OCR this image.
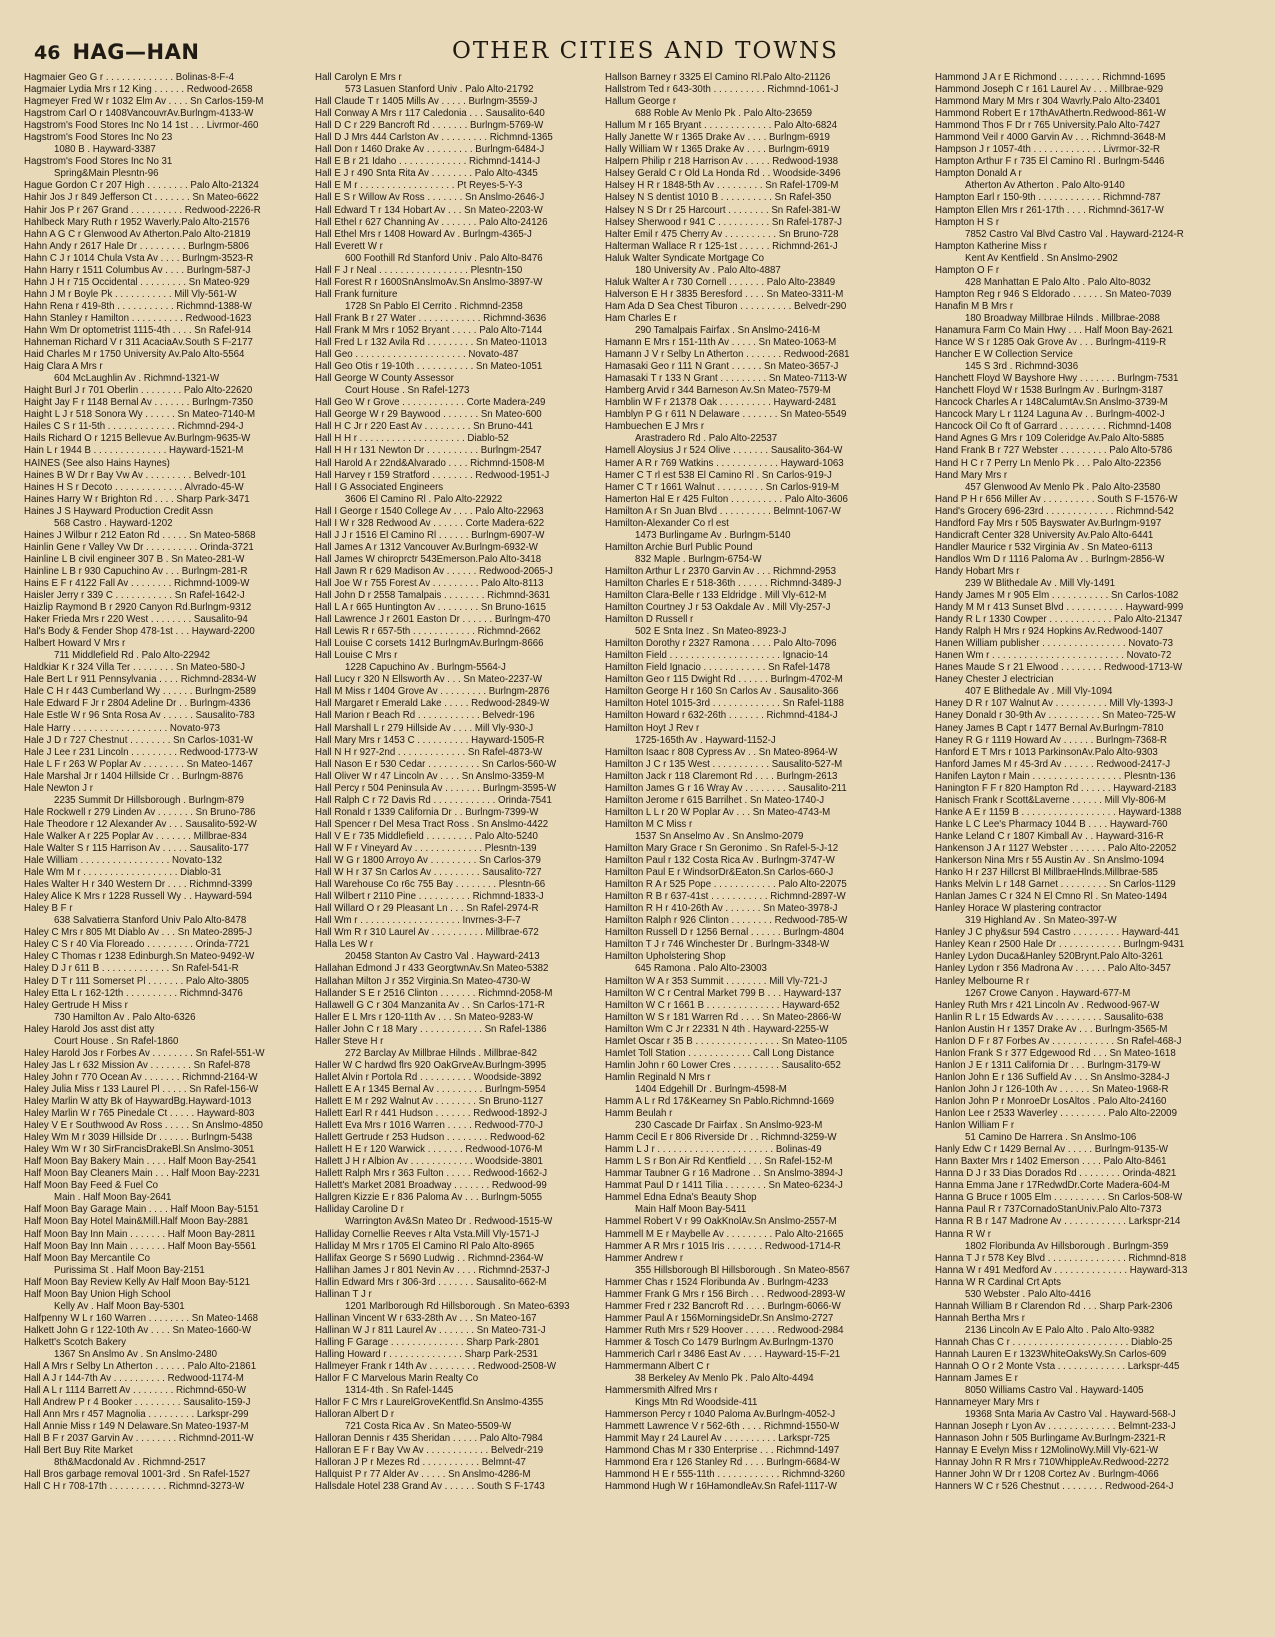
46 HAG—HAN	OTHER CITIES AND TOWNS
Hagmaier Geo G r . . . . . . . . . . . . . Bolinas-8-F-4
Hagmaier Lydia Mrs r 12 King . . . . . . Redwood-2658
Hagmeyer Fred W r 1032 Elm Av . . . . Sn Carlos-159-M
Hagstrom Carl O r 1408VancouvrAv.Burlngm-4133-W
Hagstrom's Food Stores Inc No 14 1st . . . Livrmor-460
Hagstrom's Food Stores Inc No 23
1080 B . Hayward-3387
Hagstrom's Food Stores Inc No 31
Spring&Main Plesntn-96
Hague Gordon C r 207 High . . . . . . . . Palo Alto-21324
Hahir Jos J r 849 Jefferson Ct . . . . . . . Sn Mateo-6622
Hahir Jos P r 267 Grand . . . . . . . . . . Redwood-2226-R
Hahlbeck Mary Ruth r 1952 Waverly.Palo Alto-21576
Hahn A G C r Glenwood Av Atherton.Palo Alto-21819
Hahn Andy r 2617 Hale Dr . . . . . . . . . Burlngm-5806
Hahn C J r 1014 Chula Vsta Av . . . . Burlngm-3523-R
Hahn Harry r 1511 Columbus Av . . . . Burlngm-587-J
Hahn J H r 715 Occidental . . . . . . . . . Sn Mateo-929
Hahn J M r Boyle Pk . . . . . . . . . . . Mill Vly-561-W
Hahn Rena r 419-8th . . . . . . . . . . . Richmnd-1388-W
Hahn Stanley r Hamilton . . . . . . . . . . Redwood-1623
Hahn Wm Dr optometrist 1115-4th . . . . Sn Rafel-914
Hahneman Richard V r 311 AcaciaAv.South S F-2177
Haid Charles M r 1750 University Av.Palo Alto-5564
Haig Clara A Mrs r
604 McLaughlin Av . Richmnd-1321-W
Haight Burl J r 701 Oberlin . . . . . . . . Palo Alto-22620
Haight Jay F r 1148 Bernal Av . . . . . . . Burlngm-7350
Haight L J r 518 Sonora Wy . . . . . . Sn Mateo-7140-M
Hailes C S r 11-5th . . . . . . . . . . . . . Richmnd-294-J
Hails Richard O r 1215 Bellevue Av.Burlngm-9635-W
Hain L r 1944 B . . . . . . . . . . . . . . Hayward-1521-M
HAINES (See also Hains Haynes)
Haines B W Dr r Bay Vw Av . . . . . . . . . Belvedr-101
Haines H S r Decoto . . . . . . . . . . . . . Alvrado-45-W
Haines Harry W r Brighton Rd . . . . Sharp Park-3471
Haines J S Hayward Production Credit Assn
568 Castro . Hayward-1202
Haines J Wilbur r 212 Eaton Rd . . . . . Sn Mateo-5868
Hainlin Gene r Valley Vw Dr . . . . . . . . . . Orinda-3721
Hainline L B civil engineer 307 B . Sn Mateo-281-W
Hainline L B r 930 Capuchino Av . . . Burlngm-281-R
Hains E F r 4122 Fall Av . . . . . . . . Richmnd-1009-W
Haisler Jerry r 339 C . . . . . . . . . . . Sn Rafel-1642-J
Haizlip Raymond B r 2920 Canyon Rd.Burlngm-9312
Haker Frieda Mrs r 220 West . . . . . . . . Sausalito-94
Hal's Body & Fender Shop 478-1st . . . Hayward-2200
Halbert Howard V Mrs r
711 Middlefield Rd . Palo Alto-22942
Haldkiar K r 324 Villa Ter . . . . . . . . Sn Mateo-580-J
Hale Bert L r 911 Pennsylvania . . . . Richmnd-2834-W
Hale C H r 443 Cumberland Wy . . . . . . Burlngm-2589
Hale Edward F Jr r 2804 Adeline Dr . . Burlngm-4336
Hale Estle W r 96 Snta Rosa Av . . . . . . Sausalito-783
Hale Harry . . . . . . . . . . . . . . . . . . Novato-973
Hale J D r 727 Chestnut . . . . . . . . Sn Carlos-1031-W
Hale J Lee r 231 Lincoln . . . . . . . . . Redwood-1773-W
Hale L F r 263 W Poplar Av . . . . . . . . Sn Mateo-1467
Hale Marshal Jr r 1404 Hillside Cr . . Burlngm-8876
Hale Newton J r
2235 Summit Dr Hillsborough . Burlngm-879
Hale Rockwell r 279 Linden Av . . . . . . . Sn Bruno-786
Hale Theodore r 12 Alexander Av . . . Sausalito-592-W
Hale Walker A r 225 Poplar Av . . . . . . . Millbrae-834
Hale Walter S r 115 Harrison Av . . . . . Sausalito-177
Hale William . . . . . . . . . . . . . . . . . Novato-132
Hale Wm M r . . . . . . . . . . . . . . . . . . Diablo-31
Hales Walter H r 340 Western Dr . . . . Richmnd-3399
Haley Alice K Mrs r 1228 Russell Wy . . Hayward-594
Haley B F r
638 Salvatierra Stanford Univ Palo Alto-8478
Haley C Mrs r 805 Mt Diablo Av . . . Sn Mateo-2895-J
Haley C S r 40 Via Floreado . . . . . . . . . Orinda-7721
Haley C Thomas r 1238 Edinburgh.Sn Mateo-9492-W
Haley D J r 611 B . . . . . . . . . . . . . Sn Rafel-541-R
Haley D T r 111 Somerset Pl . . . . . . . Palo Alto-3805
Haley Etta L r 162-12th . . . . . . . . . . Richmnd-3476
Haley Gertrude H Miss r
730 Hamilton Av . Palo Alto-6326
Haley Harold Jos asst dist atty
Court House . Sn Rafel-1860
Haley Harold Jos r Forbes Av . . . . . . . . Sn Rafel-551-W
Haley Jas L r 632 Mission Av . . . . . . . . Sn Rafel-878
Haley John r 770 Ocean Av . . . . . . . Richmnd-2164-W
Haley Julia Miss r 133 Laurel Pl . . . . . Sn Rafel-156-W
Haley Marlin W atty Bk of HaywardBg.Hayward-1013
Haley Marlin W r 765 Pinedale Ct . . . . . Hayward-803
Haley V E r Southwood Av Ross . . . . . Sn Anslmo-4850
Haley Wm M r 3039 Hillside Dr . . . . . . Burlngm-5438
Haley Wm W r 30 SirFrancisDrakeBl.Sn Anslmo-3051
Half Moon Bay Bakery Main . . . . Half Moon Bay-2541
Half Moon Bay Cleaners Main . . . Half Moon Bay-2231
Half Moon Bay Feed & Fuel Co
Main . Half Moon Bay-2641
Half Moon Bay Garage Main . . . . Half Moon Bay-5151
Half Moon Bay Hotel Main&Mill.Half Moon Bay-2881
Half Moon Bay Inn Main . . . . . . . Half Moon Bay-2811
Half Moon Bay Inn Main . . . . . . . Half Moon Bay-5561
Half Moon Bay Mercantile Co
Purissima St . Half Moon Bay-2151
Half Moon Bay Review Kelly Av Half Moon Bay-5121
Half Moon Bay Union High School
Kelly Av . Half Moon Bay-5301
Halfpenny W L r 160 Warren . . . . . . . . Sn Mateo-1468
Halkett John G r 122-10th Av . . . . Sn Mateo-1660-W
Halkett's Scotch Bakery
1367 Sn Anslmo Av . Sn Anslmo-2480
Hall A Mrs r Selby Ln Atherton . . . . . . Palo Alto-21861
Hall A J r 144-7th Av . . . . . . . . . . Redwood-1174-M
Hall A L r 1114 Barrett Av . . . . . . . . Richmnd-650-W
Hall Andrew P r 4 Booker . . . . . . . . . Sausalito-159-J
Hall Ann Mrs r 457 Magnolia . . . . . . . . . Larkspr-299
Hall Annie Miss r 149 N Delaware.Sn Mateo-1937-M
Hall B F r 2037 Garvin Av . . . . . . . . Richmnd-2011-W
Hall Bert Buy Rite Market
8th&Macdonald Av . Richmnd-2517
Hall Bros garbage removal 1001-3rd . Sn Rafel-1527
Hall C H r 708-17th . . . . . . . . . . . Richmnd-3273-W
Hall Carolyn E Mrs r
573 Lasuen Stanford Univ . Palo Alto-21792
Hall Claude T r 1405 Mills Av . . . . . Burlngm-3559-J
Hall Conway A Mrs r 117 Caledonia . . . Sausalito-640
Hall D C r 229 Bancroft Rd . . . . . . . Burlngm-5769-W
Hall D J Mrs 444 Carlston Av . . . . . . . . . Richmnd-1365
Hall Don r 1460 Drake Av . . . . . . . . . Burlngm-6484-J
Hall E B r 21 Idaho . . . . . . . . . . . . . Richmnd-1414-J
Hall E J r 490 Snta Rita Av . . . . . . . . Palo Alto-4345
Hall E M r . . . . . . . . . . . . . . . . . . Pt Reyes-5-Y-3
Hall E S r Willow Av Ross . . . . . . . Sn Anslmo-2646-J
Hall Edward T r 134 Hobart Av . . . Sn Mateo-2203-W
Hall Ethel r 627 Channing Av . . . . . . . Palo Alto-24126
Hall Ethel Mrs r 1408 Howard Av . Burlngm-4365-J
Hall Everett W r
600 Foothill Rd Stanford Univ . Palo Alto-8476
Hall F J r Neal . . . . . . . . . . . . . . . . . Plesntn-150
Hall Forest R r 1600SnAnslmoAv.Sn Anslmo-3897-W
Hall Frank furniture
1728 Sn Pablo El Cerrito . Richmnd-2358
Hall Frank B r 27 Water . . . . . . . . . . . . Richmnd-3636
Hall Frank M Mrs r 1052 Bryant . . . . . Palo Alto-7144
Hall Fred L r 132 Avila Rd . . . . . . . . . Sn Mateo-11013
Hall Geo . . . . . . . . . . . . . . . . . . . . . Novato-487
Hall Geo Otis r 19-10th . . . . . . . . . . . Sn Mateo-1051
Hall George W County Assessor
Court House . Sn Rafel-1273
Hall Geo W r Grove . . . . . . . . . . . . Corte Madera-249
Hall George W r 29 Baywood . . . . . . . Sn Mateo-600
Hall H C Jr r 220 East Av . . . . . . . . . Sn Bruno-441
Hall H H r . . . . . . . . . . . . . . . . . . . . Diablo-52
Hall H H r 131 Newton Dr . . . . . . . . . . Burlngm-2547
Hall Harold A r 22nd&Alvarado . . . . Richmnd-1508-M
Hall Harvey r 159 Stratford . . . . . . . . Redwood-1951-J
Hall I G Associated Engineers
3606 El Camino Rl . Palo Alto-22922
Hall I George r 1540 College Av . . . . Palo Alto-22963
Hall I W r 328 Redwood Av . . . . . . Corte Madera-622
Hall J J r 1516 El Camino Rl . . . . . . Burlngm-6907-W
Hall James A r 1312 Vancouver Av.Burlngm-6932-W
Hall James W chiroprctr 543Emerson.Palo Alto-3418
Hall Jawn R r 629 Madison Av . . . . . . Redwood-2065-J
Hall Joe W r 755 Forest Av . . . . . . . . . Palo Alto-8113
Hall John D r 2558 Tamalpais . . . . . . . . Richmnd-3631
Hall L A r 665 Huntington Av . . . . . . . . Sn Bruno-1615
Hall Lawrence J r 2601 Easton Dr . . . . . . Burlngm-470
Hall Lewis R r 657-5th . . . . . . . . . . . . Richmnd-2662
Hall Louise C corsets 1412 BurlngmAv.Burlngm-8666
Hall Louise C Mrs r
1228 Capuchino Av . Burlngm-5564-J
Hall Lucy r 320 N Ellsworth Av . . . Sn Mateo-2237-W
Hall M Miss r 1404 Grove Av . . . . . . . . . Burlngm-2876
Hall Margaret r Emerald Lake . . . . . Redwood-2849-W
Hall Marion r Beach Rd . . . . . . . . . . . . Belvedr-196
Hall Marshall L r 279 Hillside Av . . . . Mill Vly-930-J
Hall Mary Mrs r 1453 C . . . . . . . . . . Hayward-1505-R
Hall N H r 927-2nd . . . . . . . . . . . . . Sn Rafel-4873-W
Hall Nason E r 530 Cedar . . . . . . . . . . Sn Carlos-560-W
Hall Oliver W r 47 Lincoln Av . . . . Sn Anslmo-3359-M
Hall Percy r 504 Peninsula Av . . . . . . . Burlngm-3595-W
Hall Ralph C r 72 Davis Rd . . . . . . . . . . . . Orinda-7541
Hall Ronald r 1339 California Dr . . Burlngm-7399-W
Hall Spencer r Del Mesa Tract Ross . Sn Anslmo-4422
Hall V E r 735 Middlefield . . . . . . . . . Palo Alto-5240
Hall W F r Vineyard Av . . . . . . . . . . . . . Plesntn-139
Hall W G r 1800 Arroyo Av . . . . . . . . . Sn Carlos-379
Hall W H r 37 Sn Carlos Av . . . . . . . . . Sausalito-727
Hall Warehouse Co r6c 755 Bay . . . . . . . . Plesntn-66
Hall Wilbert r 2110 Pine . . . . . . . . . . Richmnd-1833-J
Hall Willard O r 29 Pleasant Ln . . . Sn Rafel-2974-R
Hall Wm r . . . . . . . . . . . . . . . . . . . Invrnes-3-F-7
Hall Wm R r 310 Laurel Av . . . . . . . . . . Millbrae-672
Halla Les W r
20458 Stanton Av Castro Val . Hayward-2413
Hallahan Edmond J r 433 GeorgtwnAv.Sn Mateo-5382
Hallahan Milton J r 352 Virginia.Sn Mateo-4730-W
Hallander S E r 2516 Clinton . . . . . . . Richmnd-2058-M
Hallawell G C r 304 Manzanita Av . . Sn Carlos-171-R
Haller E L Mrs r 120-11th Av . . . Sn Mateo-9283-W
Haller John C r 18 Mary . . . . . . . . . . . . Sn Rafel-1386
Haller Steve H r
272 Barclay Av Millbrae Hilnds . Millbrae-842
Haller W C hardwd flrs 920 OakGrveAv.Burlngm-3995
Hallet Alvin r Portola Rd . . . . . . . . . . Woodside-3892
Hallett E A r 1345 Bernal Av . . . . . . . . . Burlngm-5954
Hallett E M r 292 Walnut Av . . . . . . . . Sn Bruno-1127
Hallett Earl R r 441 Hudson . . . . . . . Redwood-1892-J
Hallett Eva Mrs r 1016 Warren . . . . . Redwood-770-J
Hallett Gertrude r 253 Hudson . . . . . . . . Redwood-62
Hallett H E r 120 Warwick . . . . . . . Redwood-1076-M
Hallett J H r Albion Av . . . . . . . . . . . . Woodside-3801
Hallett Ralph Mrs r 363 Fulton . . . . . Redwood-1662-J
Hallett's Market 2081 Broadway . . . . . . . Redwood-99
Hallgren Kizzie E r 836 Paloma Av . . . Burlngm-5055
Halliday Caroline D r
Warrington Av&Sn Mateo Dr . Redwood-1515-W
Halliday Cornellie Reeves r Alta Vsta.Mill Vly-1571-J
Halliday M Mrs r 1705 El Camino Rl Palo Alto-8965
Hallifax George S r 5690 Ludwig . . Richmnd-2364-W
Hallihan James J r 801 Nevin Av . . . . Richmnd-2537-J
Hallin Edward Mrs r 306-3rd . . . . . . . Sausalito-662-M
Hallinan T J r
1201 Marlborough Rd Hillsborough . Sn Mateo-6393
Hallinan Vincent W r 633-28th Av . . . Sn Mateo-167
Hallinan W J r 811 Laurel Av . . . . . . . Sn Mateo-731-J
Halling F Garage . . . . . . . . . . . . . . Sharp Park-2801
Halling Howard r . . . . . . . . . . . . . . Sharp Park-2531
Hallmeyer Frank r 14th Av . . . . . . . . . Redwood-2508-W
Hallor F C Marvelous Marin Realty Co
1314-4th . Sn Rafel-1445
Hallor F C Mrs r LaurelGroveKentfld.Sn Anslmo-4355
Halloran Albert D r
721 Costa Rica Av . Sn Mateo-5509-W
Halloran Dennis r 435 Sheridan . . . . . Palo Alto-7984
Halloran E F r Bay Vw Av . . . . . . . . . . . . Belvedr-219
Halloran J P r Mezes Rd . . . . . . . . . . . Belmnt-47
Hallquist P r 77 Alder Av . . . . . Sn Anslmo-4286-M
Hallsdale Hotel 238 Grand Av . . . . . . South S F-1743
Hallson Barney r 3325 El Camino Rl.Palo Alto-21126
Hallstrom Ted r 643-30th . . . . . . . . . . Richmnd-1061-J
Hallum George r
688 Roble Av Menlo Pk . Palo Alto-23659
Hallum M r 165 Bryant . . . . . . . . . . . . . Palo Alto-6824
Hally Janette W r 1365 Drake Av . . . . Burlngm-6919
Hally William W r 1365 Drake Av . . . . Burlngm-6919
Halpern Philip r 218 Harrison Av . . . . . Redwood-1938
Halsey Gerald C r Old La Honda Rd . . Woodside-3496
Halsey H R r 1848-5th Av . . . . . . . . . Sn Rafel-1709-M
Halsey N S dentist 1010 B . . . . . . . . . . Sn Rafel-350
Halsey N S Dr r 25 Harcourt . . . . . . . . Sn Rafel-381-W
Halsey Sherwood r 941 C . . . . . . . . . . Sn Rafel-1787-J
Halter Emil r 475 Cherry Av . . . . . . . . . . Sn Bruno-728
Halterman Wallace R r 125-1st . . . . . . Richmnd-261-J
Haluk Walter Syndicate Mortgage Co
180 University Av . Palo Alto-4887
Haluk Walter A r 730 Cornell . . . . . . . Palo Alto-23849
Halverson E H r 3835 Beresford . . . . Sn Mateo-3311-M
Ham Ada D Sea Chest Tiburon . . . . . . . . . . Belvedr-290
Ham Charles E r
290 Tamalpais Fairfax . Sn Anslmo-2416-M
Hamann E Mrs r 151-11th Av . . . . . Sn Mateo-1063-M
Hamann J V r Selby Ln Atherton . . . . . . . Redwood-2681
Hamasaki Geo r 111 N Grant . . . . . . Sn Mateo-3657-J
Hamasaki T r 133 N Grant . . . . . . . . . Sn Mateo-7113-W
Hamberg Arvid r 344 Barneson Av.Sn Mateo-7579-M
Hamblin W F r 21378 Oak . . . . . . . . . . Hayward-2481
Hamblyn P G r 611 N Delaware . . . . . . . Sn Mateo-5549
Hambuechen E J Mrs r
Arastradero Rd . Palo Alto-22537
Hamell Aloysius J r 524 Olive . . . . . . . Sausalito-364-W
Hamer A R r 769 Watkins . . . . . . . . . . . . Hayward-1063
Hamer C T rl est 538 El Camino Rl . Sn Carlos-919-J
Hamer C T r 1661 Walnut . . . . . . . . . Sn Carlos-919-M
Hamerton Hal E r 425 Fulton . . . . . . . . . . Palo Alto-3606
Hamilton A r Sn Juan Blvd . . . . . . . . . . Belmnt-1067-W
Hamilton-Alexander Co rl est
1473 Burlingame Av . Burlngm-5140
Hamilton Archie Burl Public Pound
832 Maple . Burlngm-6754-W
Hamilton Arthur L r 2370 Garvin Av . . . Richmnd-2953
Hamilton Charles E r 518-36th . . . . . . Richmnd-3489-J
Hamilton Clara-Belle r 133 Eldridge . Mill Vly-612-M
Hamilton Courtney J r 53 Oakdale Av . Mill Vly-257-J
Hamilton D Russell r
502 E Snta Inez . Sn Mateo-8923-J
Hamilton Dorothy r 2327 Ramona . . . . Palo Alto-7096
Hamilton Field . . . . . . . . . . . . . . . . . . . . . Ignacio-14
Hamilton Field Ignacio . . . . . . . . . . . . Sn Rafel-1478
Hamilton Geo r 115 Dwight Rd . . . . . . Burlngm-4702-M
Hamilton George H r 160 Sn Carlos Av . Sausalito-366
Hamilton Hotel 1015-3rd . . . . . . . . . . . . . Sn Rafel-1188
Hamilton Howard r 632-26th . . . . . . . Richmnd-4184-J
Hamilton Hoyt J Rev r
1725-165th Av . Hayward-1152-J
Hamilton Isaac r 808 Cypress Av . . Sn Mateo-8964-W
Hamilton J C r 135 West . . . . . . . . . . . Sausalito-527-M
Hamilton Jack r 118 Claremont Rd . . . . Burlngm-2613
Hamilton James G r 16 Wray Av . . . . . . . . Sausalito-211
Hamilton Jerome r 615 Barrilhet . Sn Mateo-1740-J
Hamilton L L r 20 W Poplar Av . . . Sn Mateo-4743-M
Hamilton M C Miss r
1537 Sn Anselmo Av . Sn Anslmo-2079
Hamilton Mary Grace r Sn Geronimo . Sn Rafel-5-J-12
Hamilton Paul r 132 Costa Rica Av . Burlngm-3747-W
Hamilton Paul E r WindsorDr&Eaton.Sn Carlos-660-J
Hamilton R A r 525 Pope . . . . . . . . . . . . Palo Alto-22075
Hamilton R B r 637-41st . . . . . . . . . . . Richmnd-2897-W
Hamilton R H r 410-26th Av . . . . . . . Sn Mateo-3978-J
Hamilton Ralph r 926 Clinton . . . . . . . . Redwood-785-W
Hamilton Russell D r 1256 Bernal . . . . . . Burlngm-4804
Hamilton T J r 746 Winchester Dr . Burlngm-3348-W
Hamilton Upholstering Shop
645 Ramona . Palo Alto-23003
Hamilton W A r 353 Summit . . . . . . . . Mill Vly-721-J
Hamilton W C r Central Market 799 B . . . Hayward-137
Hamilton W C r 1661 B . . . . . . . . . . . . . . Hayward-652
Hamilton W S r 181 Warren Rd . . . . Sn Mateo-2866-W
Hamilton Wm C Jr r 22331 N 4th . Hayward-2255-W
Hamlet Oscar r 35 B . . . . . . . . . . . . . . . . Sn Mateo-1105
Hamlet Toll Station . . . . . . . . . . . . Call Long Distance
Hamlin John r 60 Lower Cres . . . . . . . . . Sausalito-652
Hamlin Reginald N Mrs r
1404 Edgehill Dr . Burlngm-4598-M
Hamm A L r Rd 17&Kearney Sn Pablo.Richmnd-1669
Hamm Beulah r
230 Cascade Dr Fairfax . Sn Anslmo-923-M
Hamm Cecil E r 806 Riverside Dr . . Richmnd-3259-W
Hamm L J r . . . . . . . . . . . . . . . . . . . . . . Bolinas-49
Hamm L S r Bon Air Rd Kentfield . . . Sn Rafel-152-M
Hammar Taubner G r 16 Madrone . . Sn Anslmo-3894-J
Hammat Paul D r 1411 Tilia . . . . . . . . Sn Mateo-6234-J
Hammel Edna Edna's Beauty Shop
Main Half Moon Bay-5411
Hammel Robert V r 99 OakKnolAv.Sn Anslmo-2557-M
Hammell M E r Maybelle Av . . . . . . . . . Palo Alto-21665
Hammer A R Mrs r 1015 Iris . . . . . . . Redwood-1714-R
Hammer Andrew r
355 Hillsborough Bl Hillsborough . Sn Mateo-8567
Hammer Chas r 1524 Floribunda Av . Burlngm-4233
Hammer Frank G Mrs r 156 Birch . . . Redwood-2893-W
Hammer Fred r 232 Bancroft Rd . . . . Burlngm-6066-W
Hammer Paul A r 156MorningsideDr.Sn Anslmo-2727
Hammer Ruth Mrs r 529 Hoover . . . . . . Redwood-2984
Hammer & Tosch Co 1479 Burlngm Av.Burlngm-1370
Hammerich Carl r 3486 East Av . . . . Hayward-15-F-21
Hammermann Albert C r
38 Berkeley Av Menlo Pk . Palo Alto-4494
Hammersmith Alfred Mrs r
Kings Mtn Rd Woodside-411
Hammerson Percy r 1040 Paloma Av.Burlngm-4052-J
Hammett Lawrence V r 562-6th . . . . Richmnd-1550-W
Hammit May r 24 Laurel Av . . . . . . . . . . Larkspr-725
Hammond Chas M r 330 Enterprise . . . Richmnd-1497
Hammond Era r 126 Stanley Rd . . . . Burlngm-6684-W
Hammond H E r 555-11th . . . . . . . . . . . . Richmnd-3260
Hammond Hugh W r 16HamondleAv.Sn Rafel-1117-W
Hammond J A r E Richmond . . . . . . . . Richmnd-1695
Hammond Joseph C r 161 Laurel Av . . . Millbrae-929
Hammond Mary M Mrs r 304 Wavrly.Palo Alto-23401
Hammond Robert E r 17thAvAthertn.Redwood-861-W
Hammond Thos F Dr r 765 University.Palo Alto-7427
Hammond Veil r 4000 Garvin Av . . . Richmnd-3648-M
Hampson J r 1057-4th . . . . . . . . . . . . . Livrmor-32-R
Hampton Arthur F r 735 El Camino Rl . Burlngm-5446
Hampton Donald A r
Atherton Av Atherton . Palo Alto-9140
Hampton Earl r 150-9th . . . . . . . . . . . . Richmnd-787
Hampton Ellen Mrs r 261-17th . . . . Richmnd-3617-W
Hampton H S r
7852 Castro Val Blvd Castro Val . Hayward-2124-R
Hampton Katherine Miss r
Kent Av Kentfield . Sn Anslmo-2902
Hampton O F r
428 Manhattan E Palo Alto . Palo Alto-8032
Hampton Reg r 946 S Eldorado . . . . . . Sn Mateo-7039
Hanafin M B Mrs r
180 Broadway Millbrae Hilnds . Millbrae-2088
Hanamura Farm Co Main Hwy . . . Half Moon Bay-2621
Hance W S r 1285 Oak Grove Av . . . Burlngm-4119-R
Hancher E W Collection Service
145 S 3rd . Richmnd-3036
Hanchett Floyd W Bayshore Hwy . . . . . . . Burlngm-7531
Hanchett Floyd W r 1538 Burlngm Av . Burlngm-3187
Hancock Charles A r 148CalumtAv.Sn Anslmo-3739-M
Hancock Mary L r 1124 Laguna Av . . Burlngm-4002-J
Hancock Oil Co ft of Garrard . . . . . . . . . Richmnd-1408
Hand Agnes G Mrs r 109 Coleridge Av.Palo Alto-5885
Hand Frank B r 727 Webster . . . . . . . . . Palo Alto-5786
Hand H C r 7 Perry Ln Menlo Pk . . . Palo Alto-22356
Hand Mary Mrs r
457 Glenwood Av Menlo Pk . Palo Alto-23580
Hand P H r 656 Miller Av . . . . . . . . . . South S F-1576-W
Hand's Grocery 696-23rd . . . . . . . . . . . . . Richmnd-542
Handford Fay Mrs r 505 Bayswater Av.Burlngm-9197
Handicraft Center 328 University Av.Palo Alto-6441
Handler Maurice r 532 Virginia Av . Sn Mateo-6113
Handlos Wm D r 1116 Paloma Av . . Burlngm-2856-W
Handy Hobart Mrs r
239 W Blithedale Av . Mill Vly-1491
Handy James M r 905 Elm . . . . . . . . . . . Sn Carlos-1082
Handy M M r 413 Sunset Blvd . . . . . . . . . . . Hayward-999
Handy R L r 1330 Cowper . . . . . . . . . . . . Palo Alto-21347
Handy Ralph H Mrs r 924 Hopkins Av.Redwood-1407
Hanen William publisher . . . . . . . . . . . . . . . . Novato-73
Hanen Wm r . . . . . . . . . . . . . . . . . . . . . . . . . Novato-72
Hanes Maude S r 21 Elwood . . . . . . . . Redwood-1713-W
Haney Chester J electrician
407 E Blithedale Av . Mill Vly-1094
Haney D R r 107 Walnut Av . . . . . . . . . . Mill Vly-1393-J
Haney Donald r 30-9th Av . . . . . . . . . . Sn Mateo-725-W
Haney James B Capt r 1477 Bernal Av.Burlngm-7810
Haney R G r 1119 Howard Av . . . . . . Burlngm-7368-R
Hanford E T Mrs r 1013 ParkinsonAv.Palo Alto-9303
Hanford James M r 45-3rd Av . . . . . . Redwood-2417-J
Hanifen Layton r Main . . . . . . . . . . . . . . . . . Plesntn-136
Hanington F F r 820 Hampton Rd . . . . . . Hayward-2183
Hanisch Frank r Scott&Laverne . . . . . . Mill Vly-806-M
Hanke A E r 1159 B . . . . . . . . . . . . . . . . . . Hayward-1388
Hanke L C Lee's Pharmacy 1044 B . . . . Hayward-760
Hanke Leland C r 1807 Kimball Av . . Hayward-316-R
Hankenson J A r 1127 Webster . . . . . . . Palo Alto-22052
Hankerson Nina Mrs r 55 Austin Av . Sn Anslmo-1094
Hanko H r 237 Hillcrst Bl MillbraeHlnds.Millbrae-585
Hanks Melvin L r 148 Garnet . . . . . . . . . Sn Carlos-1129
Hanlan James C r 324 N El Cmno Rl . Sn Mateo-1494
Hanley Horace W plastering contractor
319 Highland Av . Sn Mateo-397-W
Hanley J C phy&sur 594 Castro . . . . . . . . . Hayward-441
Hanley Kean r 2500 Hale Dr . . . . . . . . . . . . Burlngm-9431
Hanley Lydon Duca&Hanley 520Brynt.Palo Alto-3261
Hanley Lydon r 356 Madrona Av . . . . . . Palo Alto-3457
Hanley Melbourne R r
1267 Crowe Canyon . Hayward-677-M
Hanley Ruth Mrs r 421 Lincoln Av . Redwood-967-W
Hanlin R L r 15 Edwards Av . . . . . . . . . Sausalito-638
Hanlon Austin H r 1357 Drake Av . . . Burlngm-3565-M
Hanlon D F r 87 Forbes Av . . . . . . . . . . . . Sn Rafel-468-J
Hanlon Frank S r 377 Edgewood Rd . . . Sn Mateo-1618
Hanlon J E r 1311 California Dr . . . Burlngm-3179-W
Hanlon John E r 136 Suffield Av . . . Sn Anslmo-3284-J
Hanlon John J r 126-10th Av . . . . . . Sn Mateo-1968-R
Hanlon John P r MonroeDr LosAltos . Palo Alto-24160
Hanlon Lee r 2533 Waverley . . . . . . . . . Palo Alto-22009
Hanlon William F r
51 Camino De Harrera . Sn Anslmo-106
Hanly Edw C r 1429 Bernal Av . . . . . Burlngm-9135-W
Hann Baxter Mrs r 1402 Emerson . . . . Palo Alto-8461
Hanna D J r 33 Dias Dorados Rd . . . . . . . . Orinda-4821
Hanna Emma Jane r 17RedwdDr.Corte Madera-604-M
Hanna G Bruce r 1005 Elm . . . . . . . . . . Sn Carlos-508-W
Hanna Paul R r 737CornadoStanUniv.Palo Alto-7373
Hanna R B r 147 Madrone Av . . . . . . . . . . . . Larkspr-214
Hanna R W r
1802 Floribunda Av Hillsborough . Burlngm-359
Hanna T J r 578 Key Blvd . . . . . . . . . . . . . . . Richmnd-818
Hanna W r 491 Medford Av . . . . . . . . . . . . . . Hayward-313
Hanna W R Cardinal Crt Apts
530 Webster . Palo Alto-4416
Hannah William B r Clarendon Rd . . . Sharp Park-2306
Hannah Bertha Mrs r
2136 Lincoln Av E Palo Alto . Palo Alto-9382
Hannah Chas C r . . . . . . . . . . . . . . . . . . . . . . Diablo-25
Hannah Lauren E r 1323WhiteOaksWy.Sn Carlos-609
Hannah O O r 2 Monte Vsta . . . . . . . . . . . . . Larkspr-445
Hannam James E r
8050 Williams Castro Val . Hayward-1405
Hannameyer Mary Mrs r
19368 Snta Maria Av Castro Val . Hayward-568-J
Hannan Joseph r Lyon Av . . . . . . . . . . . . . Belmnt-233-J
Hannason John r 505 Burlingame Av.Burlngm-2321-R
Hannay E Evelyn Miss r 12MolinoWy.Mill Vly-621-W
Hannay John R R Mrs r 710WhippleAv.Redwood-2272
Hanner John W Dr r 1208 Cortez Av . Burlngm-4066
Hanners W C r 526 Chestnut . . . . . . . . Redwood-264-J
